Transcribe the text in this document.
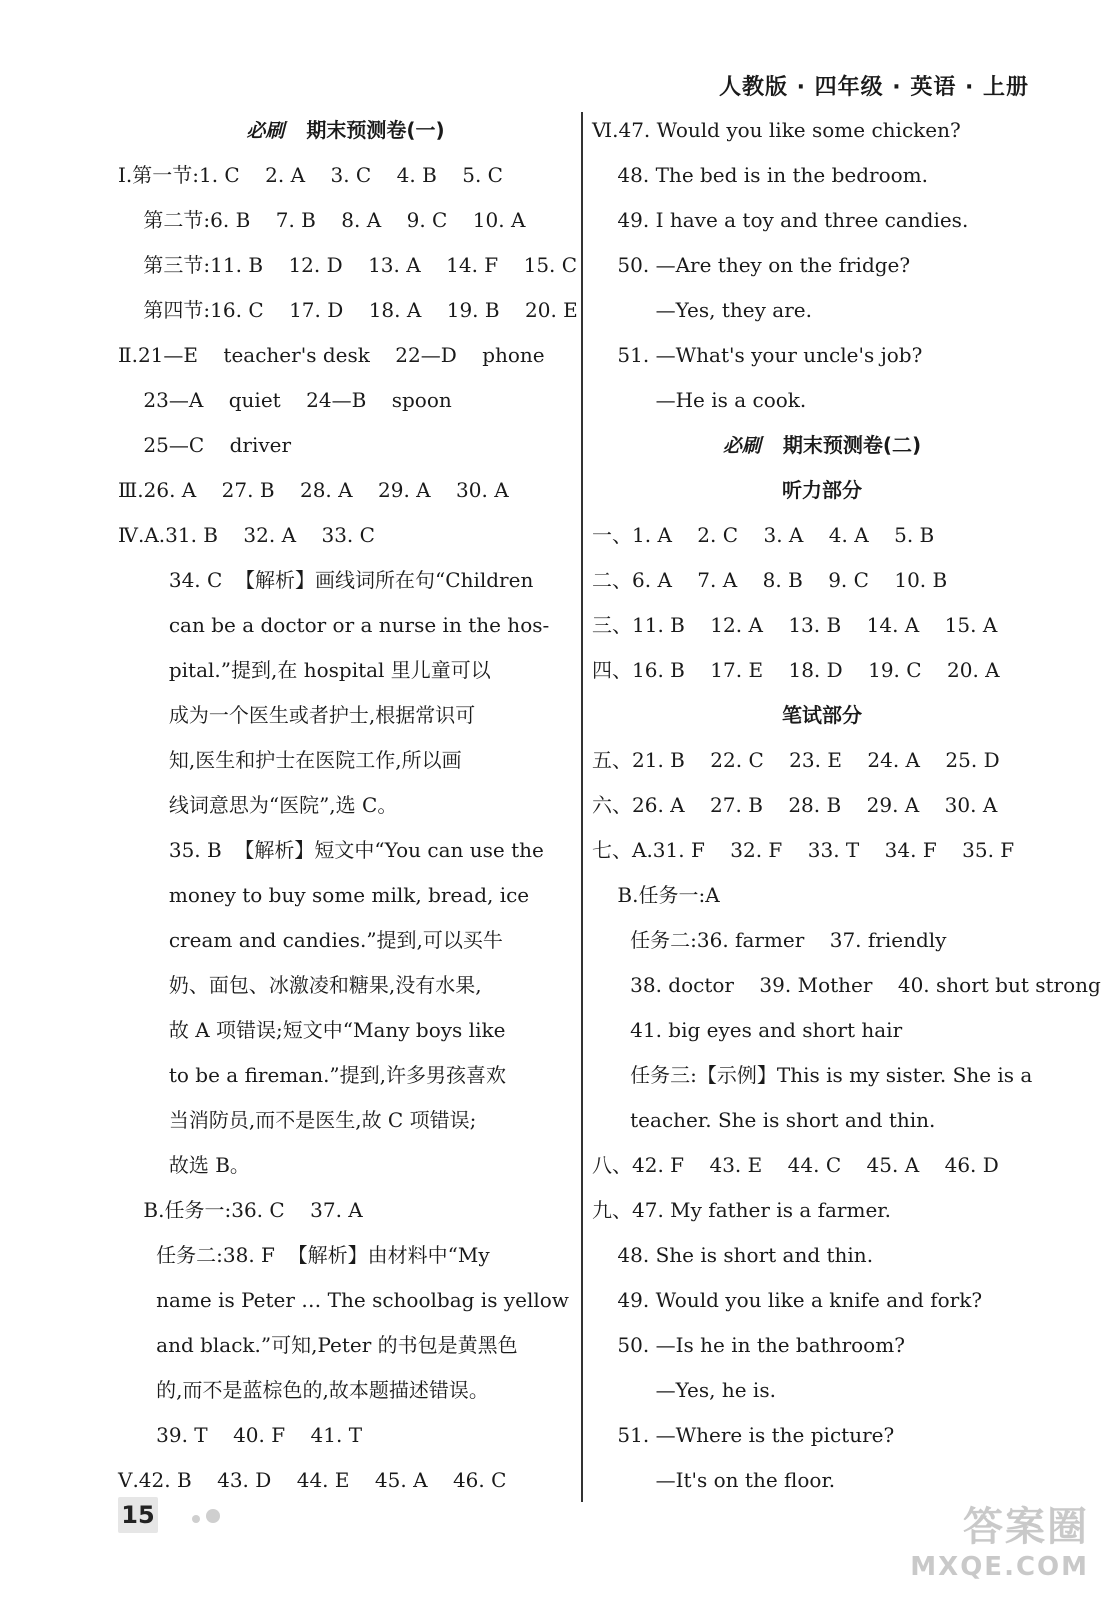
人教版 · 四年级 · 英语 · 上册
必刷 期末预测卷(一)
Ⅰ.第一节:1. C    2. A    3. C    4. B    5. C
第二节:6. B    7. B    8. A    9. C    10. A
第三节:11. B    12. D    13. A    14. F    15. C
第四节:16. C    17. D    18. A    19. B    20. E
Ⅱ.21—E    teacher's desk    22—D    phone
23—A    quiet    24—B    spoon
25—C    driver
Ⅲ.26. A    27. B    28. A    29. A    30. A
Ⅳ.A.31. B    32. A    33. C
34. C  【解析】画线词所在句“Children
can be a doctor or a nurse in the hos-
pital.”提到,在 hospital 里儿童可以
成为一个医生或者护士,根据常识可
知,医生和护士在医院工作,所以画
线词意思为“医院”,选 C。
35. B  【解析】短文中“You can use the
money to buy some milk, bread, ice
cream and candies.”提到,可以买牛
奶、面包、冰激凌和糖果,没有水果,
故 A 项错误;短文中“Many boys like
to be a fireman.”提到,许多男孩喜欢
当消防员,而不是医生,故 C 项错误;
故选 B。
B.任务一:36. C    37. A
任务二:38. F  【解析】由材料中“My
name is Peter … The schoolbag is yellow
and black.”可知,Peter 的书包是黄黑色
的,而不是蓝棕色的,故本题描述错误。
39. T    40. F    41. T
Ⅴ.42. B    43. D    44. E    45. A    46. C
Ⅵ.47. Would you like some chicken?
48. The bed is in the bedroom.
49. I have a toy and three candies.
50. —Are they on the fridge?
—Yes, they are.
51. —What's your uncle's job?
—He is a cook.
必刷 期末预测卷(二)
听力部分
一、1. A    2. C    3. A    4. A    5. B
二、6. A    7. A    8. B    9. C    10. B
三、11. B    12. A    13. B    14. A    15. A
四、16. B    17. E    18. D    19. C    20. A
笔试部分
五、21. B    22. C    23. E    24. A    25. D
六、26. A    27. B    28. B    29. A    30. A
七、A.31. F    32. F    33. T    34. F    35. F
B.任务一:A
任务二:36. farmer    37. friendly
38. doctor    39. Mother    40. short but strong
41. big eyes and short hair
任务三:【示例】This is my sister. She is a
teacher. She is short and thin.
八、42. F    43. E    44. C    45. A    46. D
九、47. My father is a farmer.
48. She is short and thin.
49. Would you like a knife and fork?
50. —Is he in the bathroom?
—Yes, he is.
51. —Where is the picture?
—It's on the floor.
15	答案圈
MXQE.COM
